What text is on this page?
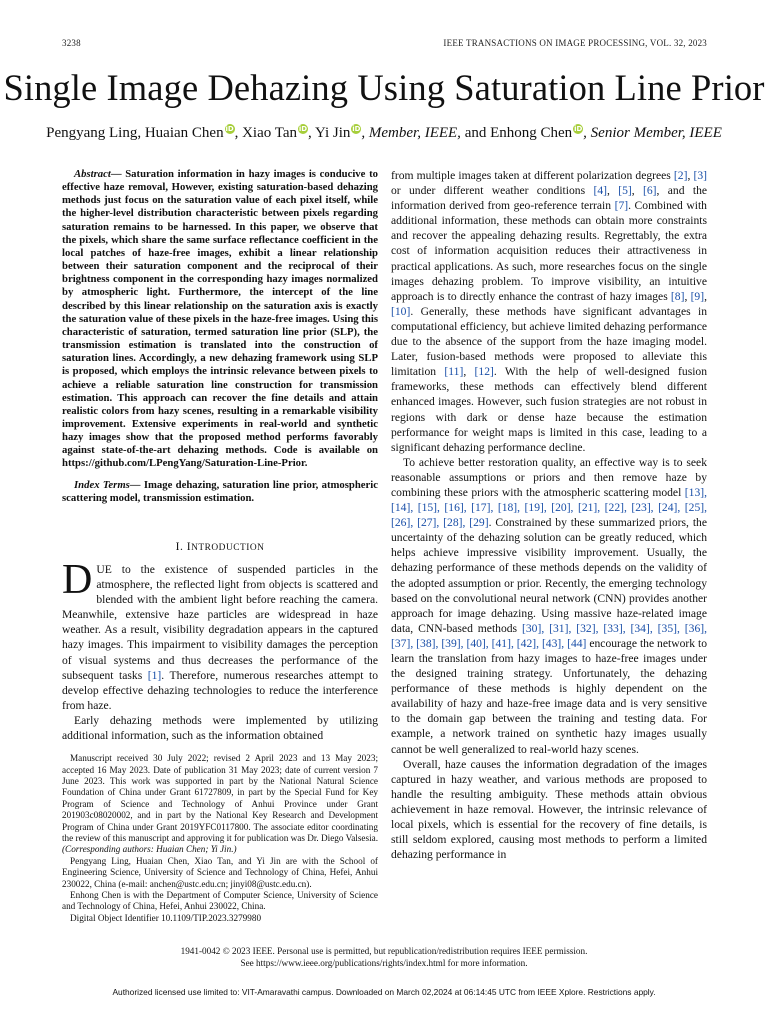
3238	IEEE TRANSACTIONS ON IMAGE PROCESSING, VOL. 32, 2023
Single Image Dehazing Using Saturation Line Prior
Pengyang Ling, Huaian Chen iD, Xiao Tan iD, Yi Jin iD, Member, IEEE, and Enhong Chen iD, Senior Member, IEEE

Abstract— Saturation information in hazy images is conducive to effective haze removal, However, existing saturation-based dehazing methods just focus on the saturation value of each pixel itself, while the higher-level distribution characteristic between pixels regarding saturation remains to be harnessed. In this paper, we observe that the pixels, which share the same surface reflectance coefficient in the local patches of haze-free images, exhibit a linear relationship between their saturation component and the reciprocal of their brightness component in the corresponding hazy images normalized by atmospheric light. Furthermore, the intercept of the line described by this linear relationship on the saturation axis is exactly the saturation value of these pixels in the haze-free images. Using this characteristic of saturation, termed saturation line prior (SLP), the transmission estimation is translated into the construction of saturation lines. Accordingly, a new dehazing framework using SLP is proposed, which employs the intrinsic relevance between pixels to achieve a reliable saturation line construction for transmission estimation. This approach can recover the fine details and attain realistic colors from hazy scenes, resulting in a remarkable visibility improvement. Extensive experiments in real-world and synthetic hazy images show that the proposed method performs favorably against state-of-the-art dehazing methods. Code is available on https://github.com/LPengYang/Saturation-Line-Prior.

Index Terms— Image dehazing, saturation line prior, atmospheric scattering model, transmission estimation.

I. INTRODUCTION

DUE to the existence of suspended particles in the atmosphere, the reflected light from objects is scattered and blended with the ambient light before reaching the camera. Meanwhile, extensive haze particles are widespread in haze weather. As a result, visibility degradation appears in the captured hazy images. This impairment to visibility damages the perception of visual systems and thus decreases the performance of the subsequent tasks [1]. Therefore, numerous researches attempt to develop effective dehazing technologies to reduce the interference from haze.

Early dehazing methods were implemented by utilizing additional information, such as the information obtained

Manuscript received 30 July 2022; revised 2 April 2023 and 13 May 2023; accepted 16 May 2023. Date of publication 31 May 2023; date of current version 7 June 2023. This work was supported in part by the National Natural Science Foundation of China under Grant 61727809, in part by the Special Fund for Key Program of Science and Technology of Anhui Province under Grant 201903c08020002, and in part by the National Key Research and Development Program of China under Grant 2019YFC0117800. The associate editor coordinating the review of this manuscript and approving it for publication was Dr. Diego Valsesia. (Corresponding authors: Huaian Chen; Yi Jin.)

Pengyang Ling, Huaian Chen, Xiao Tan, and Yi Jin are with the School of Engineering Science, University of Science and Technology of China, Hefei, Anhui 230022, China (e-mail: anchen@ustc.edu.cn; jinyi08@ustc.edu.cn).

Enhong Chen is with the Department of Computer Science, University of Science and Technology of China, Hefei, Anhui 230022, China.

Digital Object Identifier 10.1109/TIP.2023.3279980

from multiple images taken at different polarization degrees [2], [3] or under different weather conditions [4], [5], [6], and the information derived from geo-reference terrain [7]. Combined with additional information, these methods can obtain more constraints and recover the appealing dehazing results. Regrettably, the extra cost of information acquisition reduces their attractiveness in practical applications. As such, more researches focus on the single images dehazing problem. To improve visibility, an intuitive approach is to directly enhance the contrast of hazy images [8], [9], [10]. Generally, these methods have significant advantages in computational efficiency, but achieve limited dehazing performance due to the absence of the support from the haze imaging model. Later, fusion-based methods were proposed to alleviate this limitation [11], [12]. With the help of well-designed fusion frameworks, these methods can effectively blend different enhanced images. However, such fusion strategies are not robust in regions with dark or dense haze because the estimation performance for weight maps is limited in this case, leading to a significant dehazing performance decline.

To achieve better restoration quality, an effective way is to seek reasonable assumptions or priors and then remove haze by combining these priors with the atmospheric scattering model [13], [14], [15], [16], [17], [18], [19], [20], [21], [22], [23], [24], [25], [26], [27], [28], [29]. Constrained by these summarized priors, the uncertainty of the dehazing solution can be greatly reduced, which helps achieve impressive visibility improvement. Usually, the dehazing performance of these methods depends on the validity of the adopted assumption or prior. Recently, the emerging technology based on the convolutional neural network (CNN) provides another approach for image dehazing. Using massive haze-related image data, CNN-based methods [30], [31], [32], [33], [34], [35], [36], [37], [38], [39], [40], [41], [42], [43], [44] encourage the network to learn the translation from hazy images to haze-free images under the designed training strategy. Unfortunately, the dehazing performance of these methods is highly dependent on the availability of hazy and haze-free image data and is very sensitive to the domain gap between the training and testing data. For example, a network trained on synthetic hazy images usually cannot be well generalized to real-world hazy scenes.

Overall, haze causes the information degradation of the images captured in hazy weather, and various methods are proposed to handle the resulting ambiguity. These methods attain obvious achievement in haze removal. However, the intrinsic relevance of local pixels, which is essential for the recovery of fine details, is still seldom explored, causing most methods to perform a limited dehazing performance in

1941-0042 © 2023 IEEE. Personal use is permitted, but republication/redistribution requires IEEE permission.
See https://www.ieee.org/publications/rights/index.html for more information.
Authorized licensed use limited to: VIT-Amaravathi campus. Downloaded on March 02,2024 at 06:14:45 UTC from IEEE Xplore. Restrictions apply.
